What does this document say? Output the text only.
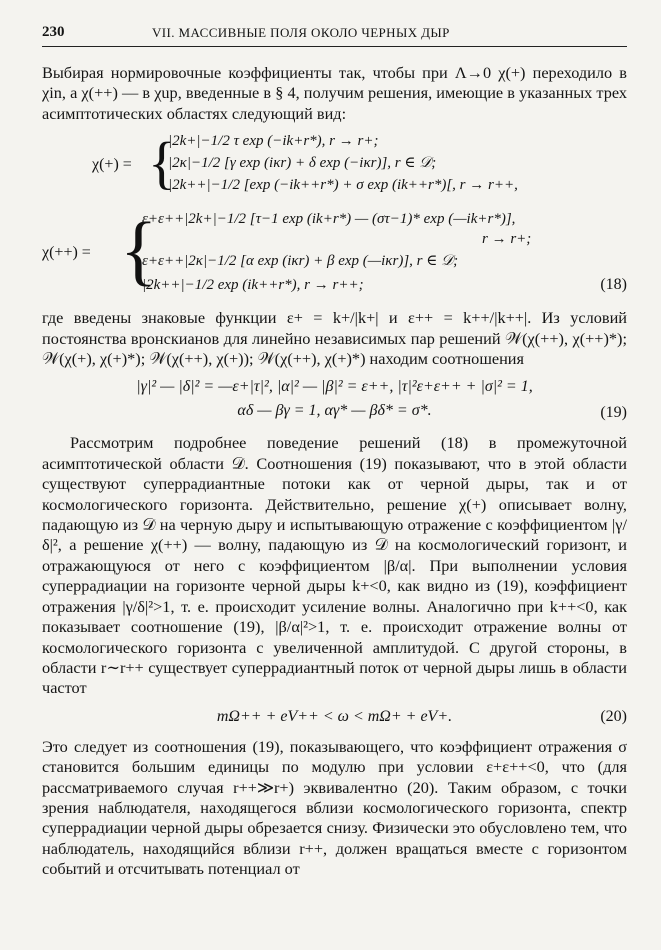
230	VII. МАССИВНЫЕ ПОЛЯ ОКОЛО ЧЕРНЫХ ДЫР

Выбирая нормировочные коэффициенты так, чтобы при Λ→0 χ(+) переходило в χin, а χ(++) — в χup, введенные в § 4, получим решения, имеющие в указанных трех асимптотических областях следующий вид:

χ(+) = {
|2k+|−1/2 τ exp (−ik+r*), r → r+;
|2κ|−1/2 [γ exp (iκr) + δ exp (−iκr)], r ∈ 𝒟;
|2k++|−1/2 [exp (−ik++r*) + σ exp (ik++r*)[, r → r++,
χ(++) = {
ε+ε++|2k+|−1/2 [τ−1 exp (ik+r*) — (στ−1)* exp (—ik+r*)],
r → r+;
ε+ε++|2κ|−1/2 [α exp (iκr) + β exp (—iκr)], r ∈ 𝒟;
|2k++|−1/2 exp (ik++r*), r → r++;	(18)

где введены знаковые функции ε+ = k+/|k+| и ε++ = k++/|k++|. Из условий постоянства вронскианов для линейно независимых пар решений 𝒲(χ(++), χ(++)*); 𝒲(χ(+), χ(+)*); 𝒲(χ(++), χ(+)); 𝒲(χ(++), χ(+)*) находим соотношения

|γ|² — |δ|² = —ε+|τ|², |α|² — |β|² = ε++, |τ|²ε+ε++ + |σ|² = 1,
αδ — βγ = 1, αγ* — βδ* = σ*.	(19)

Рассмотрим подробнее поведение решений (18) в промежуточной асимптотической области 𝒟. Соотношения (19) показывают, что в этой области существуют суперрадиантные потоки как от черной дыры, так и от космологического горизонта. Действительно, решение χ(+) описывает волну, падающую из 𝒟 на черную дыру и испытывающую отражение с коэффициентом |γ/δ|², а решение χ(++) — волну, падающую из 𝒟 на космологический горизонт, и отражающуюся от него с коэффициентом |β/α|. При выполнении условия суперрадиации на горизонте черной дыры k+<0, как видно из (19), коэффициент отражения |γ/δ|²>1, т. е. происходит усиление волны. Аналогично при k++<0, как показывает соотношение (19), |β/α|²>1, т. е. происходит отражение волны от космологического горизонта с увеличенной амплитудой. С другой стороны, в области r∼r++ существует суперрадиантный поток от черной дыры лишь в области частот

mΩ++ + eV++ < ω < mΩ+ + eV+.	(20)

Это следует из соотношения (19), показывающего, что коэффициент отражения σ становится большим единицы по модулю при условии ε+ε++<0, что (для рассматриваемого случая r++≫r+) эквивалентно (20). Таким образом, с точки зрения наблюдателя, находящегося вблизи космологического горизонта, спектр суперрадиации черной дыры обрезается снизу. Физически это обусловлено тем, что наблюдатель, находящийся вблизи r++, должен вращаться вместе с горизонтом событий и отсчитывать потенциал от
